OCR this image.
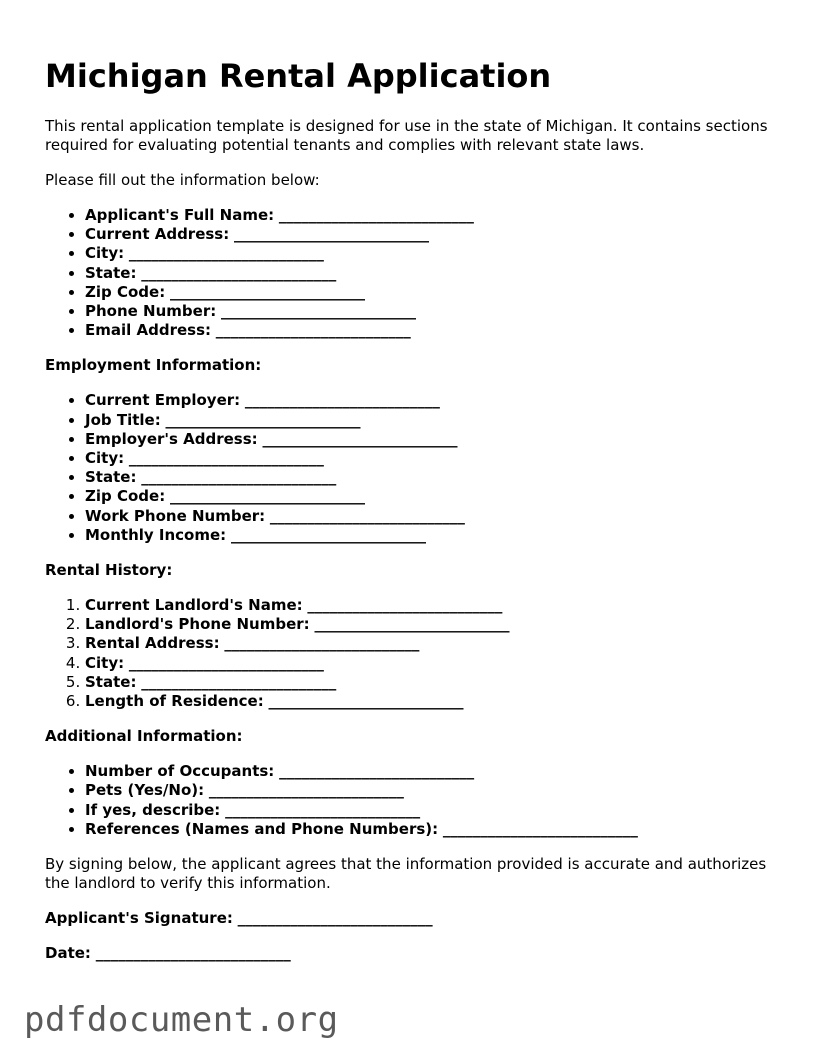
Michigan Rental Application

This rental application template is designed for use in the state of Michigan. It contains sections required for evaluating potential tenants and complies with relevant state laws.

Please fill out the information below:

• Applicant's Full Name: __________________________
• Current Address: __________________________
• City: __________________________
• State: __________________________
• Zip Code: __________________________
• Phone Number: __________________________
• Email Address: __________________________

Employment Information:

• Current Employer: __________________________
• Job Title: __________________________
• Employer's Address: __________________________
• City: __________________________
• State: __________________________
• Zip Code: __________________________
• Work Phone Number: __________________________
• Monthly Income: __________________________

Rental History:

1. Current Landlord's Name: __________________________
2. Landlord's Phone Number: __________________________
3. Rental Address: __________________________
4. City: __________________________
5. State: __________________________
6. Length of Residence: __________________________

Additional Information:

• Number of Occupants: __________________________
• Pets (Yes/No): __________________________
• If yes, describe: __________________________
• References (Names and Phone Numbers): __________________________

By signing below, the applicant agrees that the information provided is accurate and authorizes the landlord to verify this information.

Applicant's Signature: __________________________

Date: __________________________

pdfdocument.org
